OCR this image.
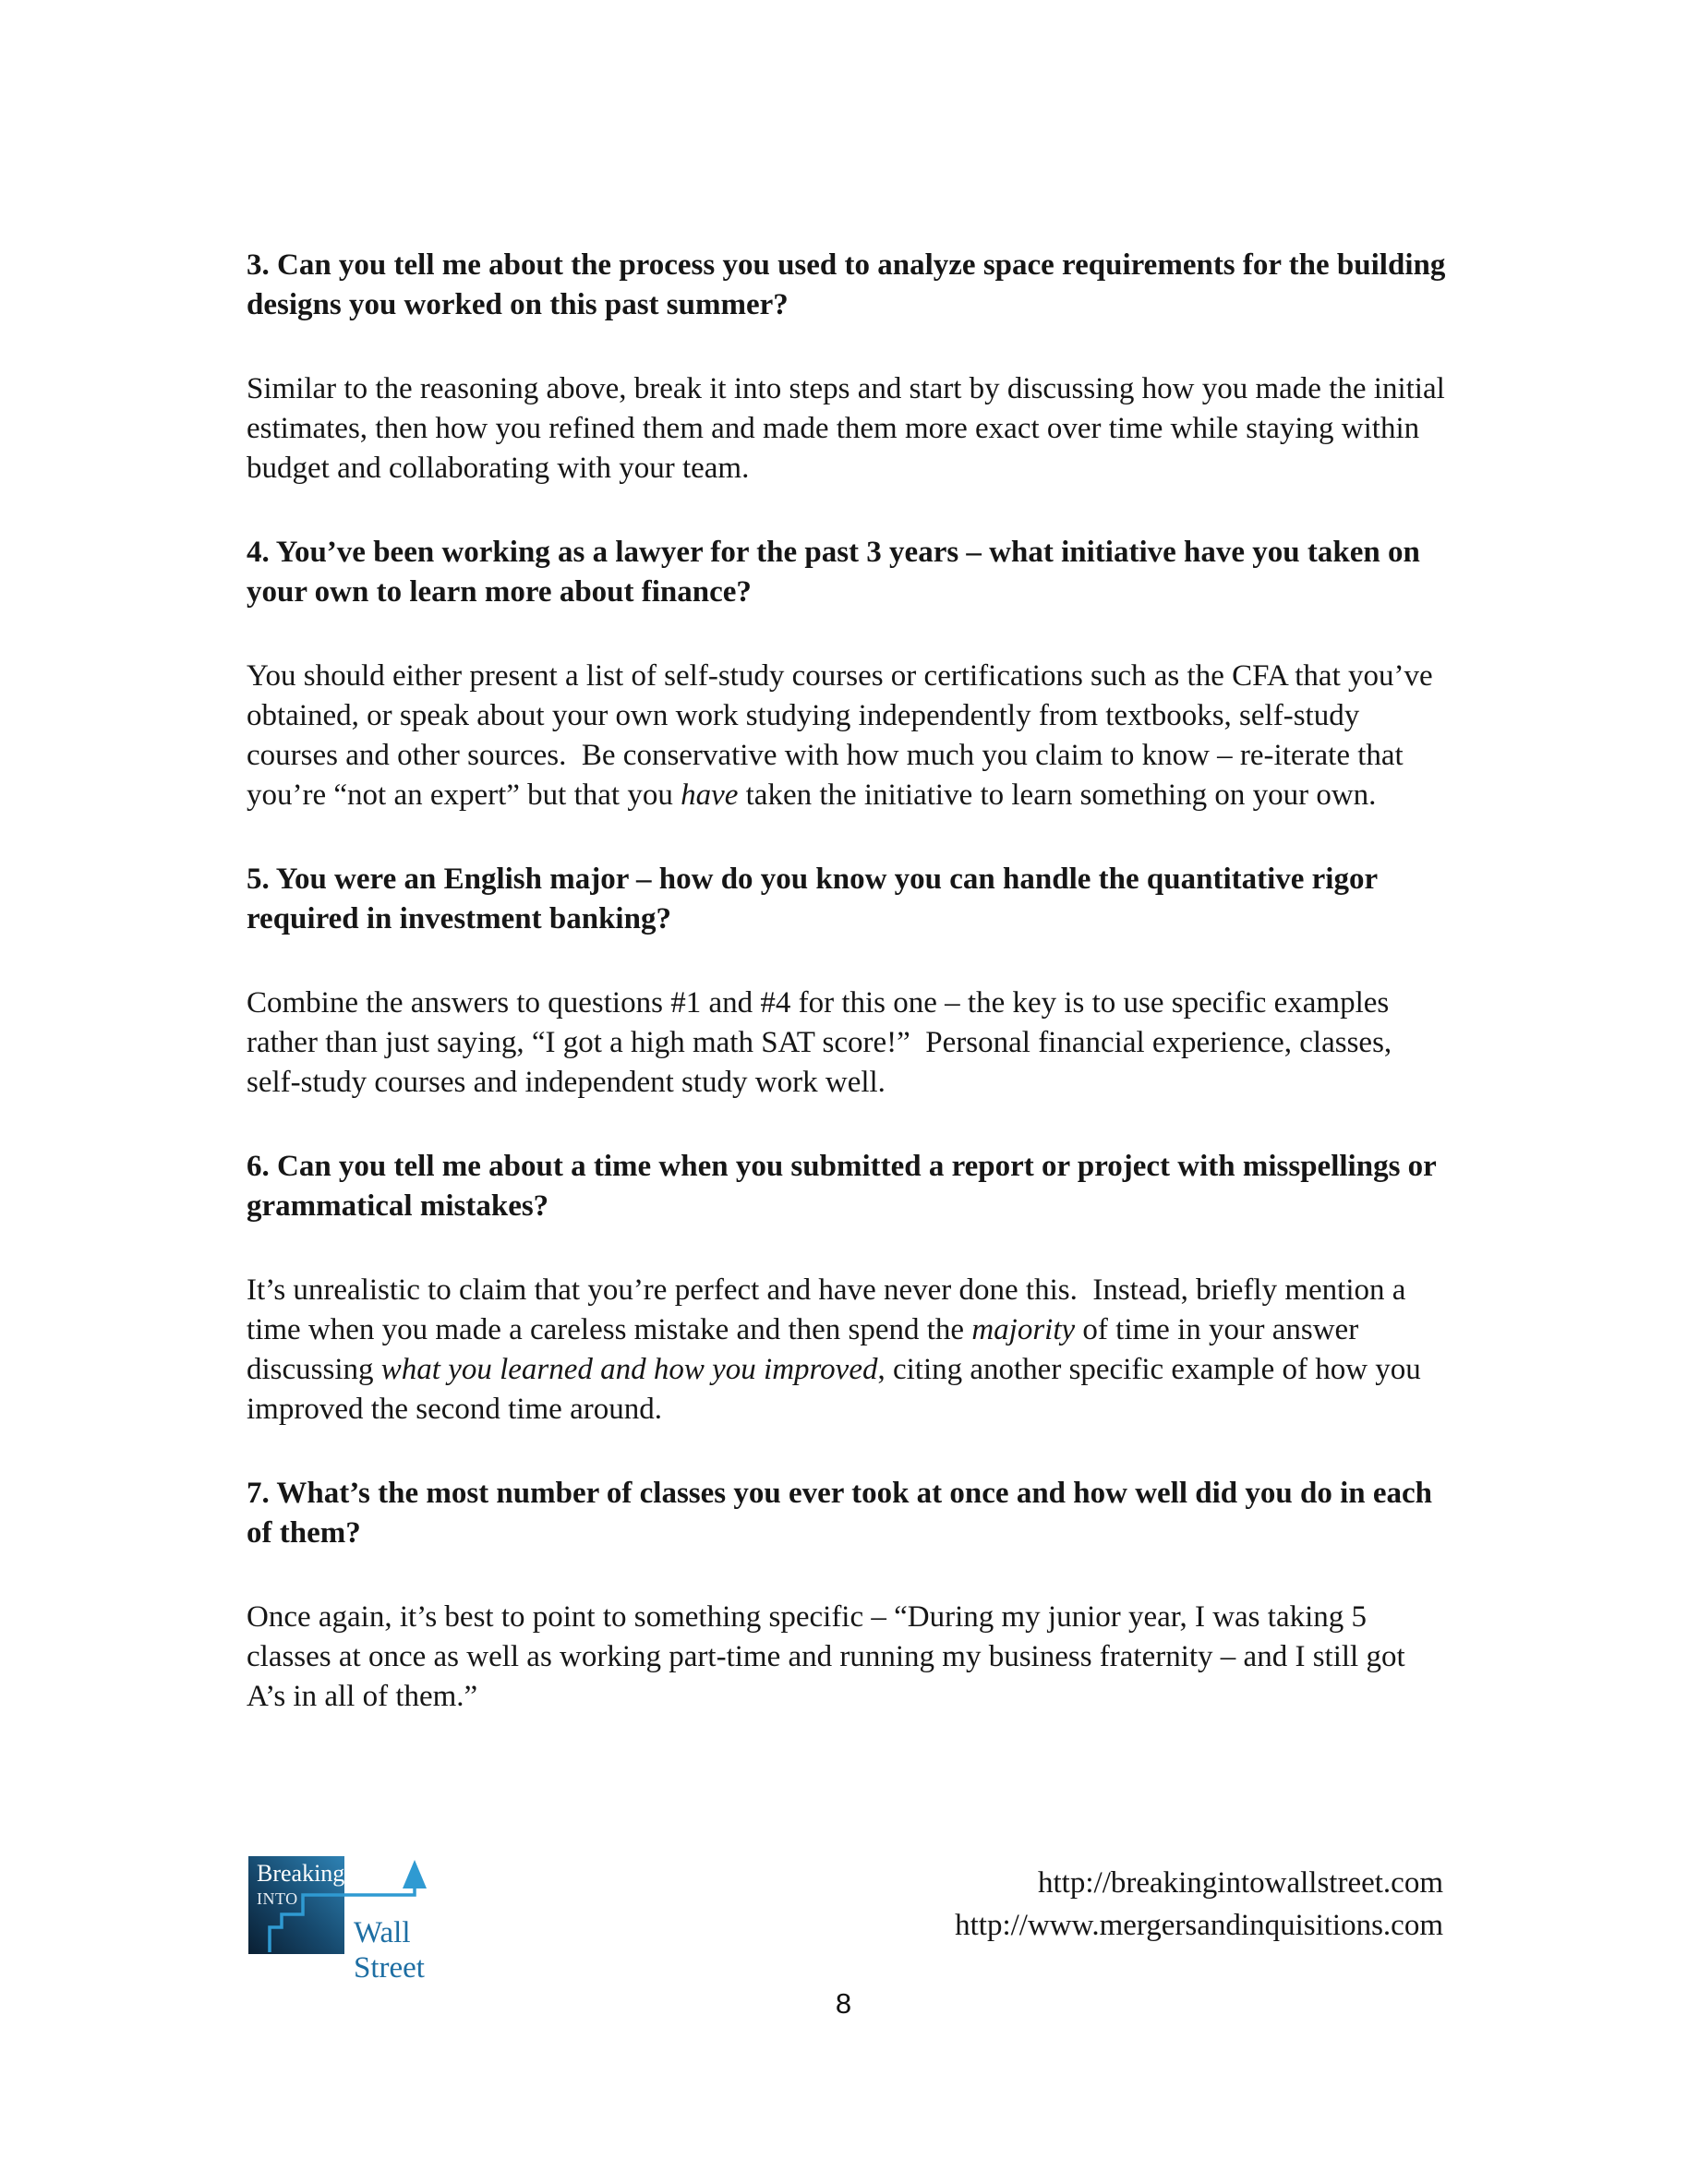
3. Can you tell me about the process you used to analyze space requirements for the building designs you worked on this past summer?

Similar to the reasoning above, break it into steps and start by discussing how you made the initial estimates, then how you refined them and made them more exact over time while staying within budget and collaborating with your team.

4. You’ve been working as a lawyer for the past 3 years – what initiative have you taken on your own to learn more about finance?

You should either present a list of self-study courses or certifications such as the CFA that you’ve obtained, or speak about your own work studying independently from textbooks, self-study courses and other sources.  Be conservative with how much you claim to know – re-iterate that you’re “not an expert” but that you have taken the initiative to learn something on your own.

5. You were an English major – how do you know you can handle the quantitative rigor required in investment banking?

Combine the answers to questions #1 and #4 for this one – the key is to use specific examples rather than just saying, “I got a high math SAT score!”  Personal financial experience, classes, self-study courses and independent study work well.

6. Can you tell me about a time when you submitted a report or project with misspellings or grammatical mistakes?

It’s unrealistic to claim that you’re perfect and have never done this.  Instead, briefly mention a time when you made a careless mistake and then spend the majority of time in your answer discussing what you learned and how you improved, citing another specific example of how you improved the second time around.

7. What’s the most number of classes you ever took at once and how well did you do in each of them?

Once again, it’s best to point to something specific – “During my junior year, I was taking 5 classes at once as well as working part-time and running my business fraternity – and I still got A’s in all of them.”

Breaking
INTO
Wall Street
http://breakingintowallstreet.com
http://www.mergersandinquisitions.com
8
